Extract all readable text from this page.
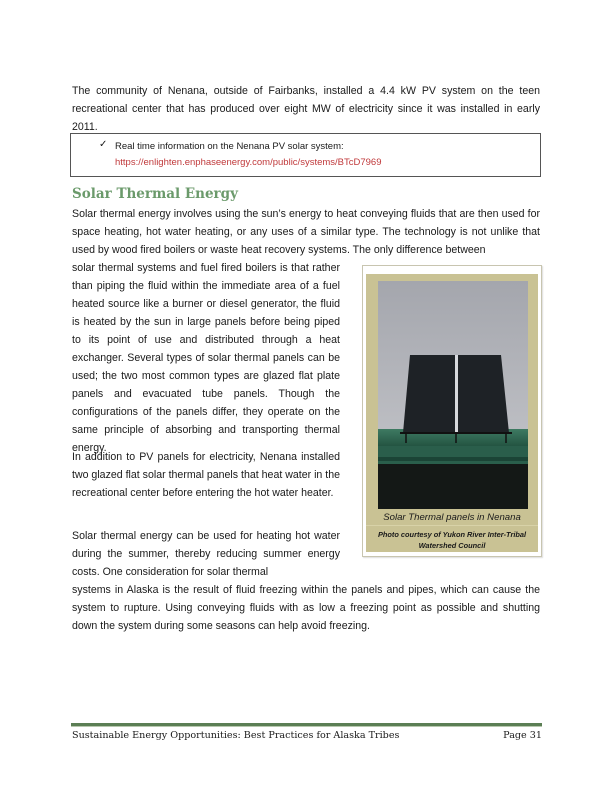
The community of Nenana, outside of Fairbanks, installed a 4.4 kW PV system on the teen recreational center that has produced over eight MW of electricity since it was installed in early 2011.

✓ Real time information on the Nenana PV solar system:
https://enlighten.enphaseenergy.com/public/systems/BTcD7969
Solar Thermal Energy

Solar thermal energy involves using the sun’s energy to heat conveying fluids that are then used for space heating, hot water heating, or any uses of a similar type. The technology is not unlike that used by wood fired boilers or waste heat recovery systems. The only difference between

solar thermal systems and fuel fired boilers is that rather than piping the fluid within the immediate area of a fuel heated source like a burner or diesel generator, the fluid is heated by the sun in large panels before being piped to its point of use and distributed through a heat exchanger. Several types of solar thermal panels can be used; the two most common types are glazed flat plate panels and evacuated tube panels. Though the configurations of the panels differ, they operate on the same principle of absorbing and transporting thermal energy.

In addition to PV panels for electricity, Nenana installed two glazed flat solar thermal panels that heat water in the recreational center before entering the hot water heater.

Solar thermal energy can be used for heating hot water during the summer, thereby reducing summer energy costs. One consideration for solar thermal

systems in Alaska is the result of fluid freezing within the panels and pipes, which can cause the system to rupture. Using conveying fluids with as low a freezing point as possible and shutting down the system during some seasons can help avoid freezing.

Solar Thermal panels in Nenana
Photo courtesy of Yukon River Inter-Tribal Watershed Council
Sustainable Energy Opportunities: Best Practices for Alaska Tribes	Page 31
